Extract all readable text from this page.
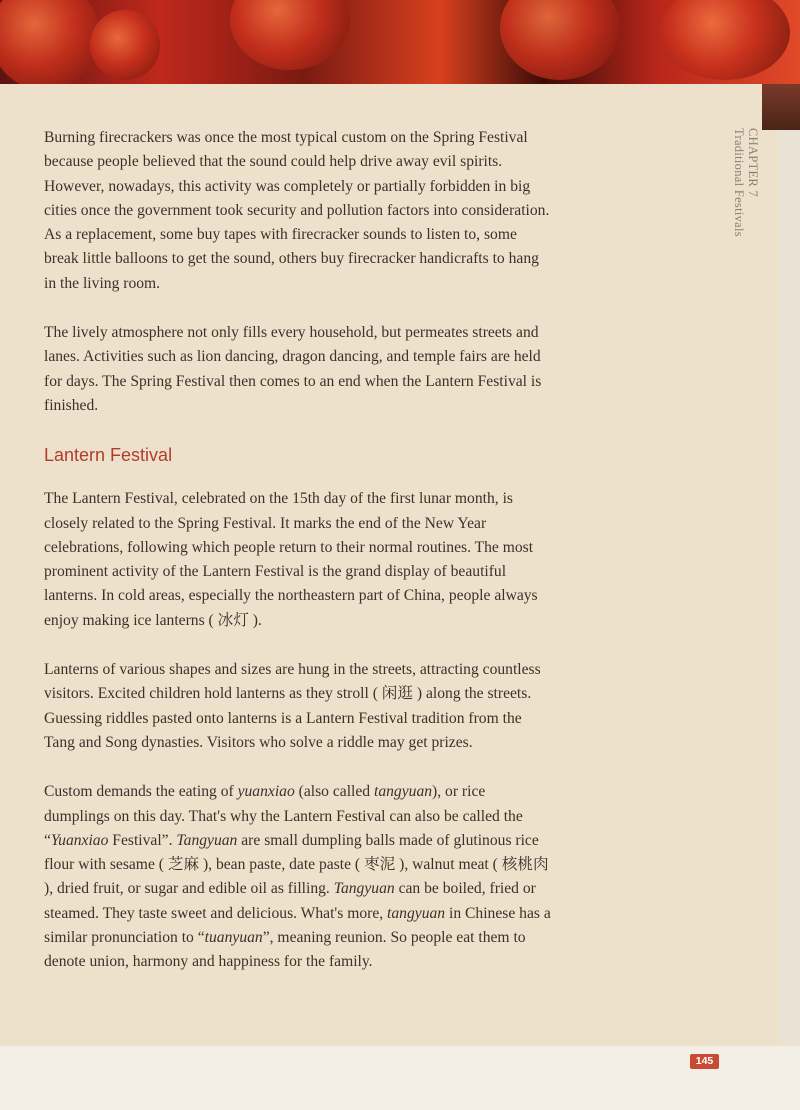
CHAPTER 7
Traditional Festivals

Burning firecrackers was once the most typical custom on the Spring Festival because people believed that the sound could help drive away evil spirits. However, nowadays, this activity was completely or partially forbidden in big cities once the government took security and pollution factors into consideration. As a replacement, some buy tapes with firecracker sounds to listen to, some break little balloons to get the sound, others buy firecracker handicrafts to hang in the living room.

The lively atmosphere not only fills every household, but permeates streets and lanes. Activities such as lion dancing, dragon dancing, and temple fairs are held for days. The Spring Festival then comes to an end when the Lantern Festival is finished.

Lantern Festival

The Lantern Festival, celebrated on the 15th day of the first lunar month, is closely related to the Spring Festival. It marks the end of the New Year celebrations, following which people return to their normal routines. The most prominent activity of the Lantern Festival is the grand display of beautiful lanterns. In cold areas, especially the northeastern part of China, people always enjoy making ice lanterns ( 冰灯 ).

Lanterns of various shapes and sizes are hung in the streets, attracting countless visitors. Excited children hold lanterns as they stroll ( 闲逛 ) along the streets. Guessing riddles pasted onto lanterns is a Lantern Festival tradition from the Tang and Song dynasties. Visitors who solve a riddle may get prizes.

Custom demands the eating of yuanxiao (also called tangyuan), or rice dumplings on this day. That's why the Lantern Festival can also be called the “Yuanxiao Festival”. Tangyuan are small dumpling balls made of glutinous rice flour with sesame ( 芝麻 ), bean paste, date paste ( 枣泥 ), walnut meat ( 核桃肉 ), dried fruit, or sugar and edible oil as filling. Tangyuan can be boiled, fried or steamed. They taste sweet and delicious. What's more, tangyuan in Chinese has a similar pronunciation to “tuanyuan”, meaning reunion. So people eat them to denote union, harmony and happiness for the family.

145
